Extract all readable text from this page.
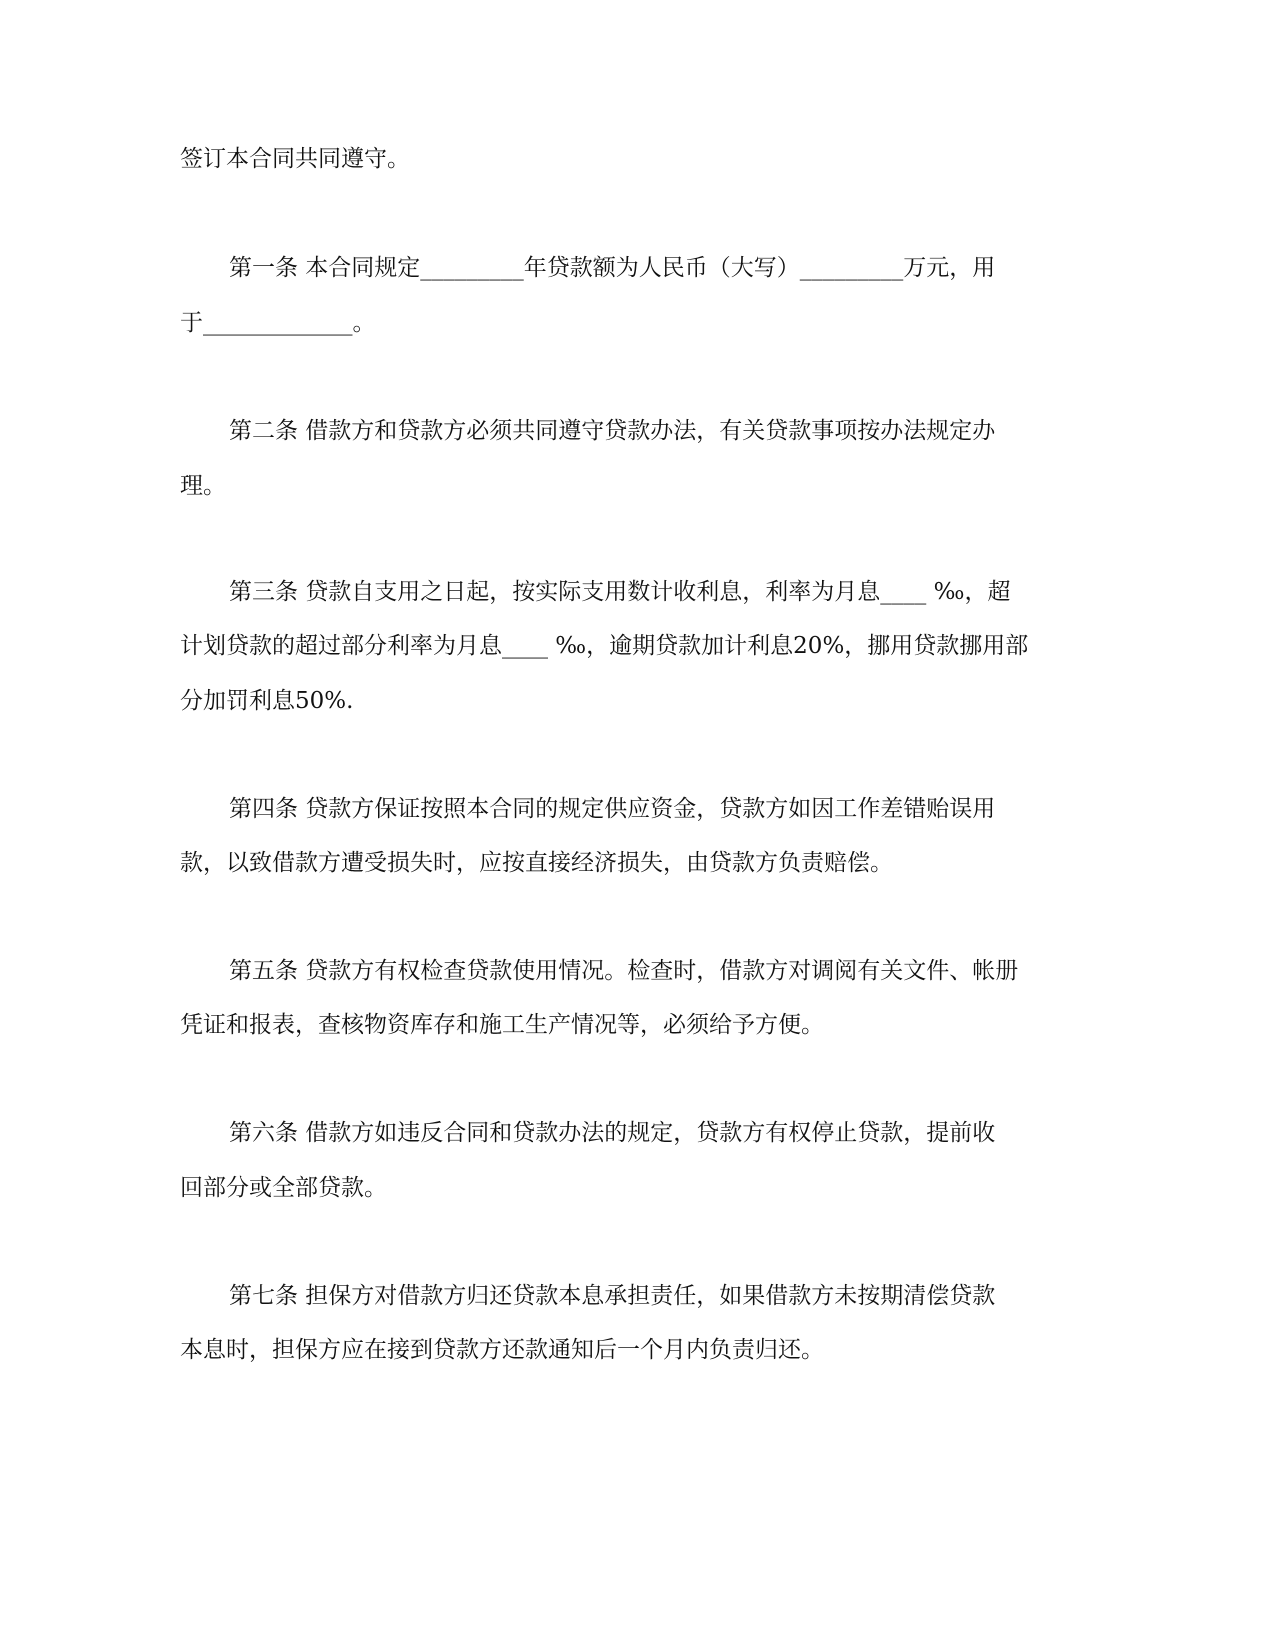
签订本合同共同遵守。
第一条 本合同规定_________年贷款额为人民币（大写）_________万元，用
于_____________。
第二条 借款方和贷款方必须共同遵守贷款办法，有关贷款事项按办法规定办
理。
第三条 贷款自支用之日起，按实际支用数计收利息，利率为月息____ ‰，超
计划贷款的超过部分利率为月息____ ‰，逾期贷款加计利息20%，挪用贷款挪用部
分加罚利息50%.
第四条 贷款方保证按照本合同的规定供应资金，贷款方如因工作差错贻误用
款，以致借款方遭受损失时，应按直接经济损失，由贷款方负责赔偿。
第五条 贷款方有权检查贷款使用情况。检查时，借款方对调阅有关文件、帐册
凭证和报表，查核物资库存和施工生产情况等，必须给予方便。
第六条 借款方如违反合同和贷款办法的规定，贷款方有权停止贷款，提前收
回部分或全部贷款。
第七条 担保方对借款方归还贷款本息承担责任，如果借款方未按期清偿贷款
本息时，担保方应在接到贷款方还款通知后一个月内负责归还。
